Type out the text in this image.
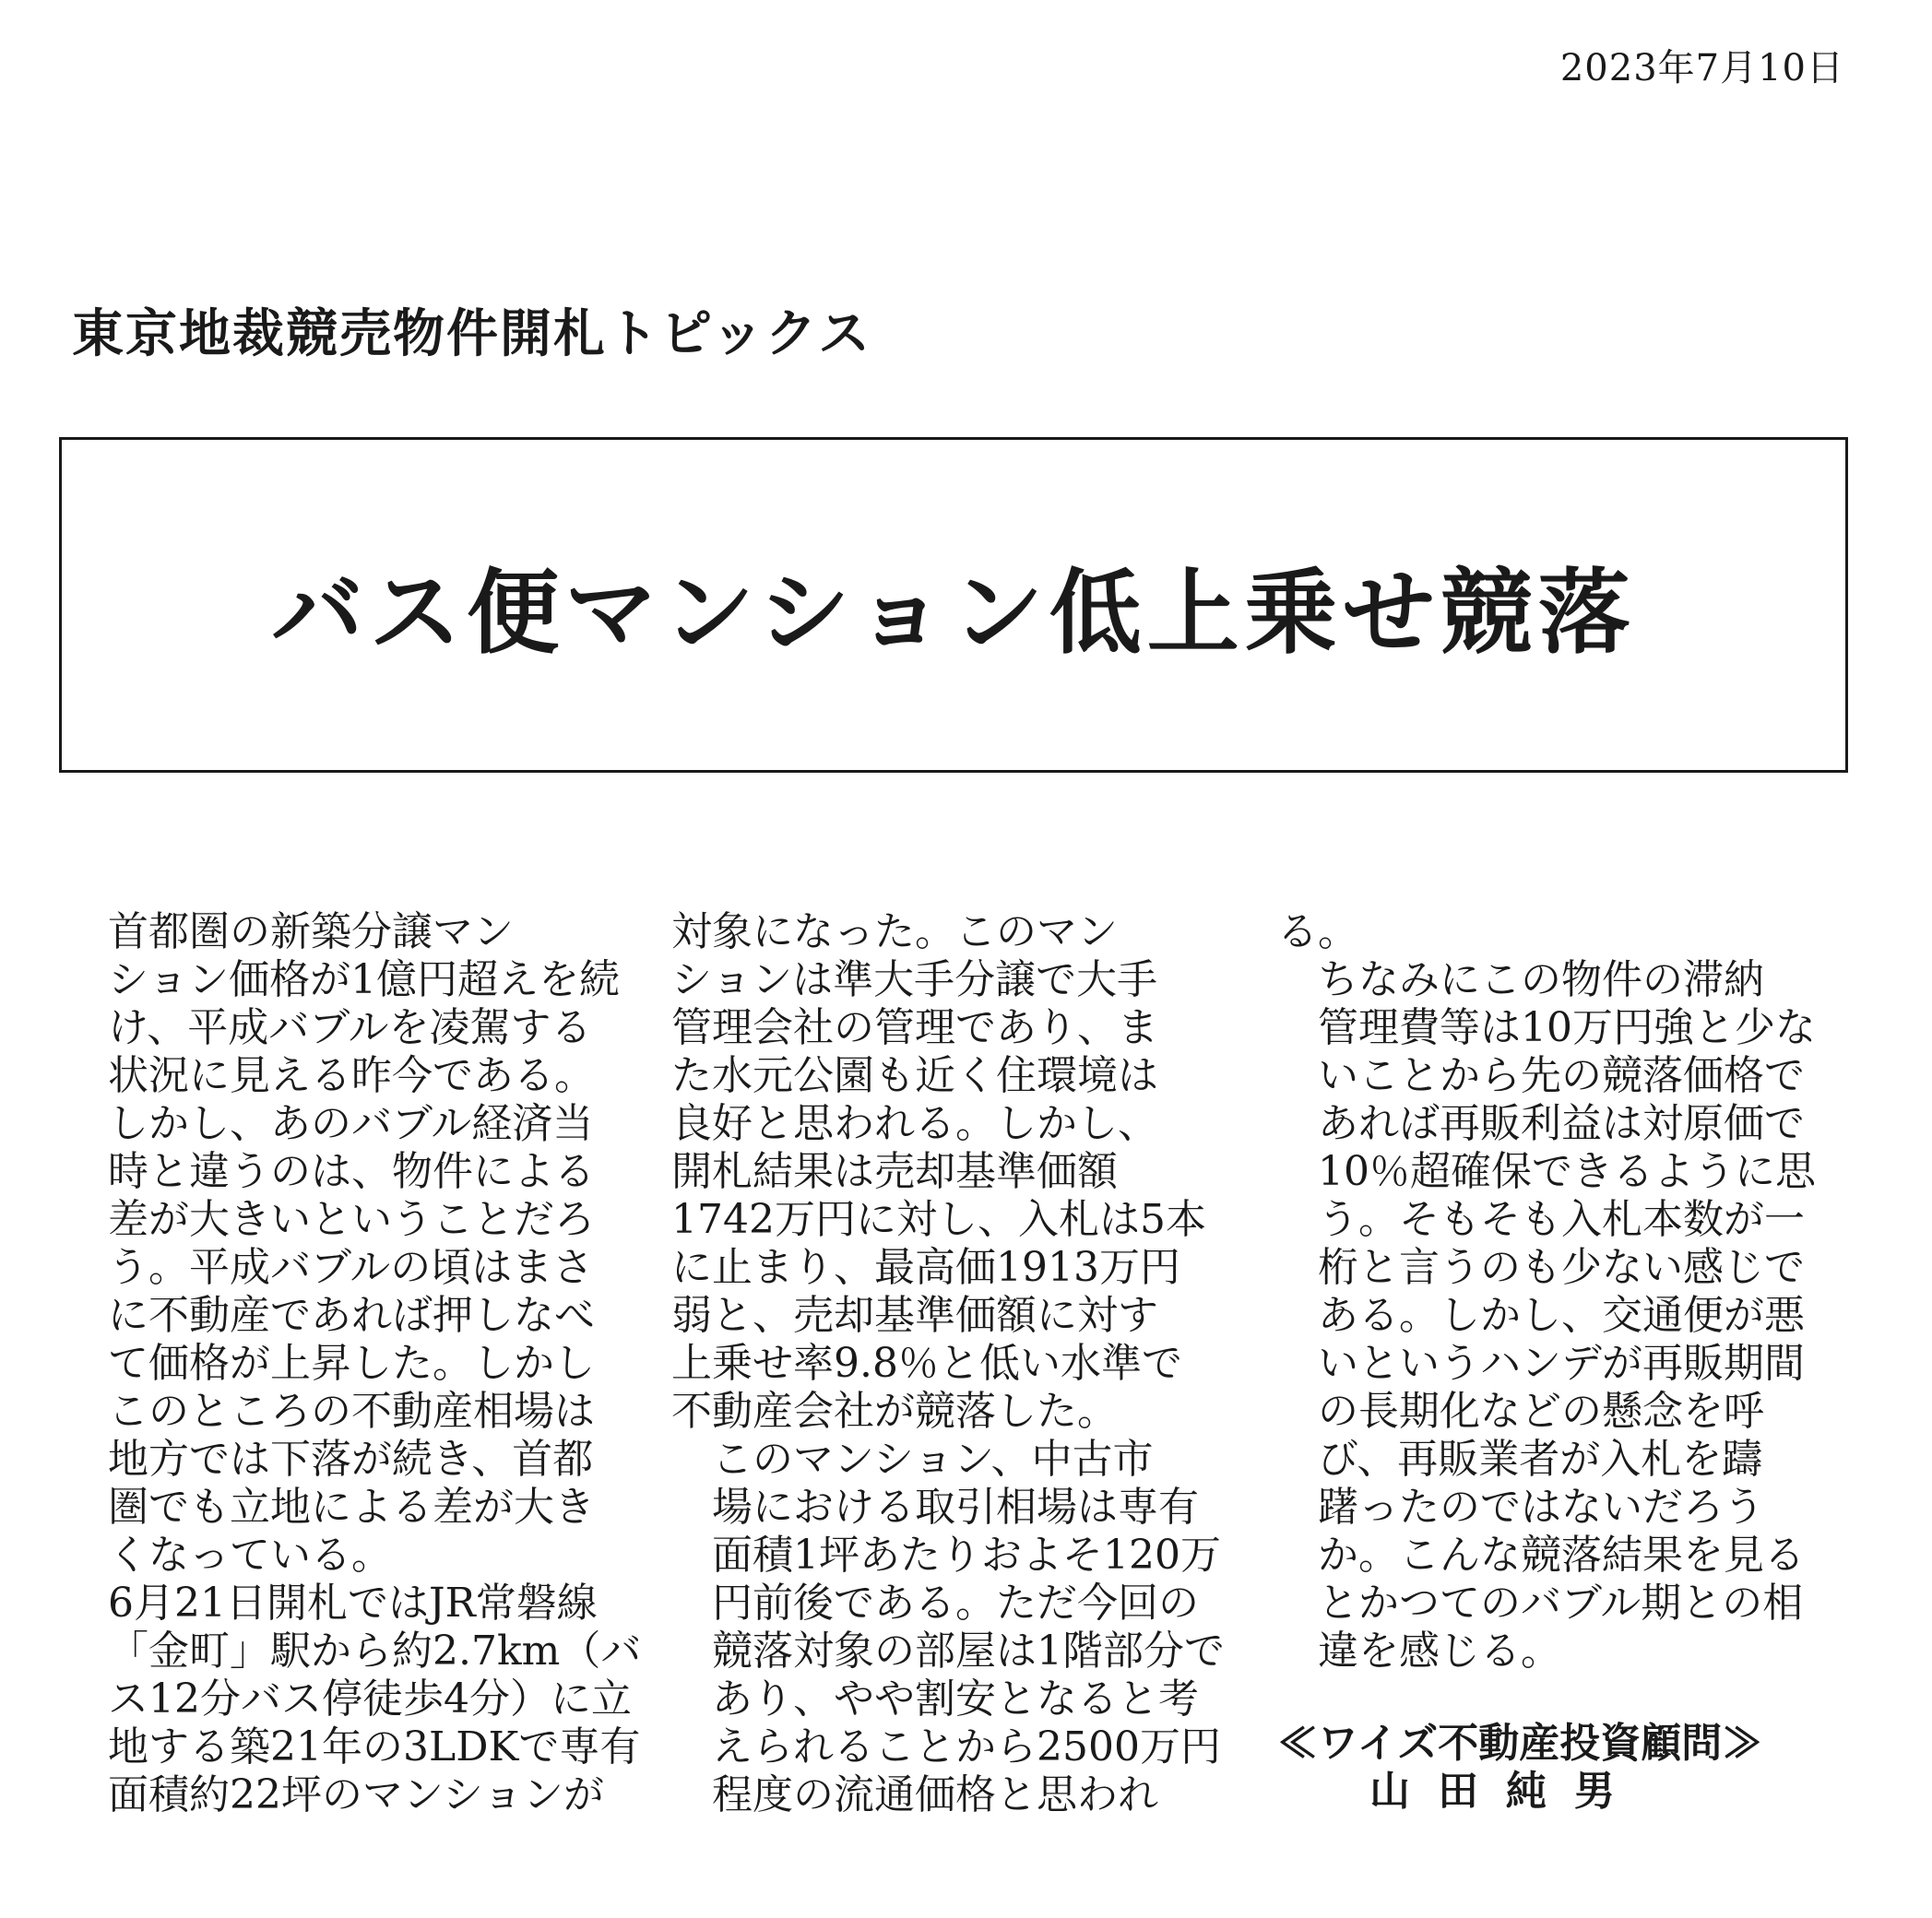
2023年7月10日
東京地裁競売物件開札トピックス
バス便マンション低上乗せ競落

首都圏の新築分譲マン
ション価格が1億円超えを続
け、平成バブルを凌駕する
状況に見える昨今である。
しかし、あのバブル経済当
時と違うのは、物件による
差が大きいということだろ
う。平成バブルの頃はまさ
に不動産であれば押しなべ
て価格が上昇した。しかし
このところの不動産相場は
地方では下落が続き、首都
圏でも立地による差が大き
くなっている。

6月21日開札ではJR常磐線
「金町」駅から約2.7km（バ
ス12分バス停徒歩4分）に立
地する築21年の3LDKで専有
面積約22坪のマンションが

対象になった。このマン
ションは準大手分譲で大手
管理会社の管理であり、ま
た水元公園も近く住環境は
良好と思われる。しかし、
開札結果は売却基準価額
1742万円に対し、入札は5本
に止まり、最高価1913万円
弱と、売却基準価額に対す
上乗せ率9.8％と低い水準で
不動産会社が競落した。

このマンション、中古市
場における取引相場は専有
面積1坪あたりおよそ120万
円前後である。ただ今回の
競落対象の部屋は1階部分で
あり、やや割安となると考
えられることから2500万円
程度の流通価格と思われ

る。

ちなみにこの物件の滞納
管理費等は10万円強と少な
いことから先の競落価格で
あれば再販利益は対原価で
10％超確保できるように思
う。そもそも入札本数が一
桁と言うのも少ない感じで
ある。しかし、交通便が悪
いというハンデが再販期間
の長期化などの懸念を呼
び、再販業者が入札を躊
躇ったのではないだろう
か。こんな競落結果を見る
とかつてのバブル期との相
違を感じる。

≪ワイズ不動産投資顧問≫
山田純男
